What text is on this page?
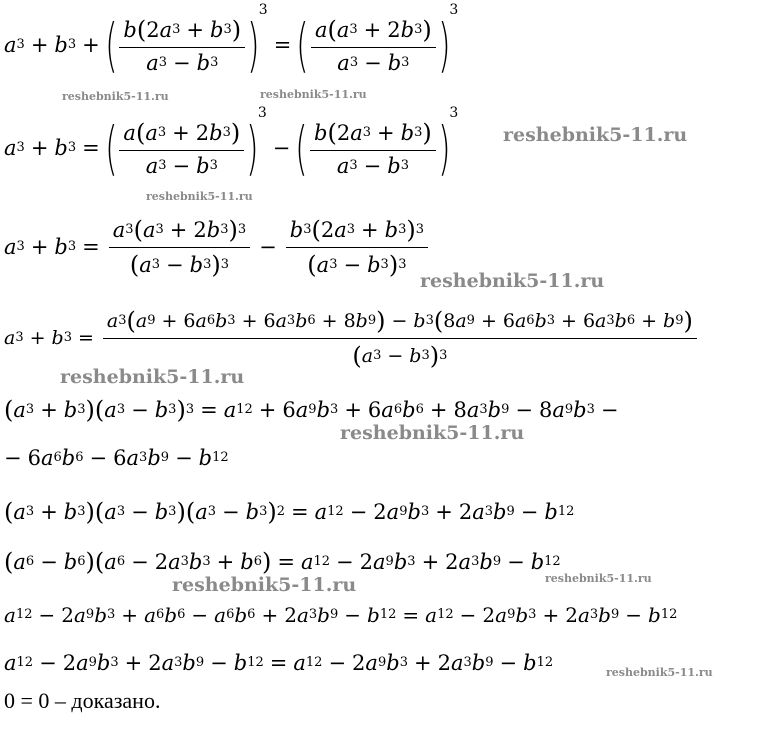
a 3 + b 3 + ( $\frac{b ( 2 a 3 + b 3 )}{a 3 - b 3}$ )
3
= ( $\frac{a ( a 3 + 2 b 3 )}{a 3 - b 3}$ )
3
a 3 + b 3 = ( $\frac{a ( a 3 + 2 b 3 )}{a 3 - b 3}$ )
3
− ( $\frac{b ( 2 a 3 + b 3 )}{a 3 - b 3}$ )
3
a 3 + b $3 = \frac{a 3 ( a 3 + 2 b 3 ) 3}{( a 3 - b 3 ) 3} - \frac{b 3 ( 2 a 3 + b 3 ) 3}{( a 3 - b 3 ) 3}$
a 3 + b $3 = \frac{a 3 ( a 9 + 6 a 6 b 3 + 6 a 3 b 6 + 8 b 9 ) - b 3 ( 8 a 9 + 6 a 6 b 3 + 6 a 3 b 6 + b 9 )}{( a 3 - b 3 ) 3}$
( a 3 + b 3 ) ( a 3 − b 3 ) 3 = a 12 + 6 a 9 b 3 + 6 a 6 b 6 + 8 a 3 b 9 − 8 a 9 b 3 −
− 6 a 6 b 6 − 6 a 3 b 9 − b 12
( a 3 + b 3 ) ( a 3 − b 3 ) ( a 3 − b 3 ) 2 = a 12 − 2 a 9 b 3 + 2 a 3 b 9 − b 12
( a 6 − b 6 ) ( a 6 − 2 a 3 b 3 + b 6 ) = a 12 − 2 a 9 b 3 + 2 a 3 b 9 − b 12
a 12 − 2 a 9 b 3 + a 6 b 6 − a 6 b 6 + 2 a 3 b 9 − b 12 = a 12 − 2 a 9 b 3 + 2 a 3 b 9 − b 12
a 12 − 2 a 9 b 3 + 2 a 3 b 9 − b 12 = a 12 − 2 a 9 b 3 + 2 a 3 b 9 − b 12
0 = 0 – доказано.
reshebnik5-11.ru	reshebnik5-11.ru
reshebnik5-11.ru
reshebnik5-11.ru
reshebnik5-11.ru
reshebnik5-11.ru
reshebnik5-11.ru
reshebnik5-11.ru	reshebnik5-11.ru
reshebnik5-11.ru
